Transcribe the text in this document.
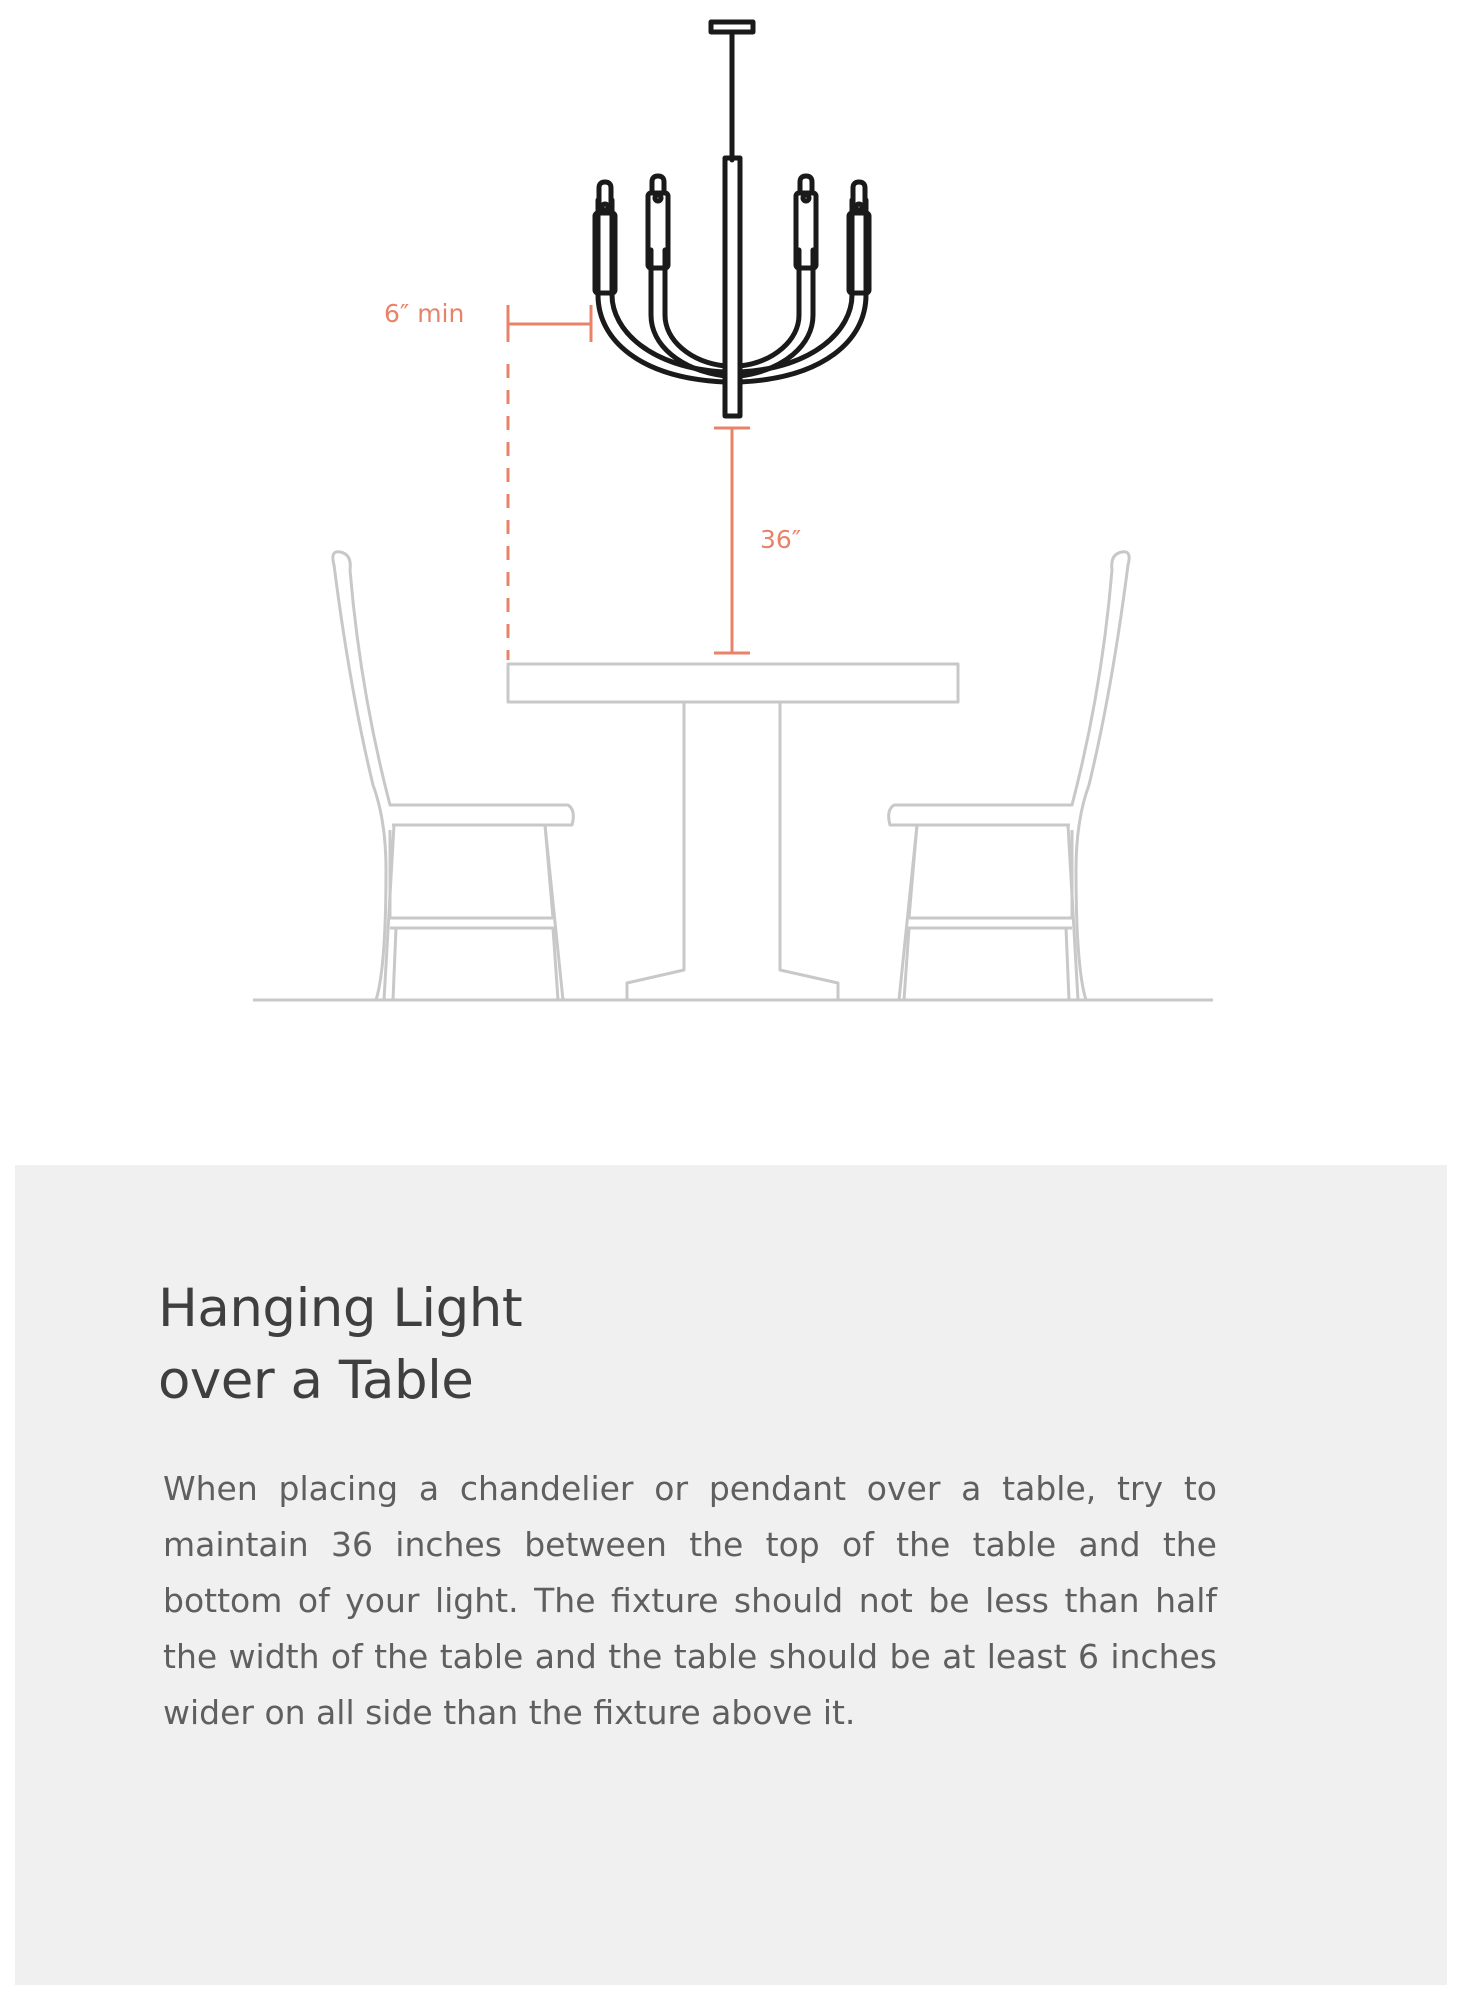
6″ min
36″
Hanging Light
over a Table

When placing a chandelier or pendant over a table, try to maintain 36 inches between the top of the table and the bottom of your light. The fixture should not be less than half the width of the table and the table should be at least 6 inches wider on all side than the fixture above it.
